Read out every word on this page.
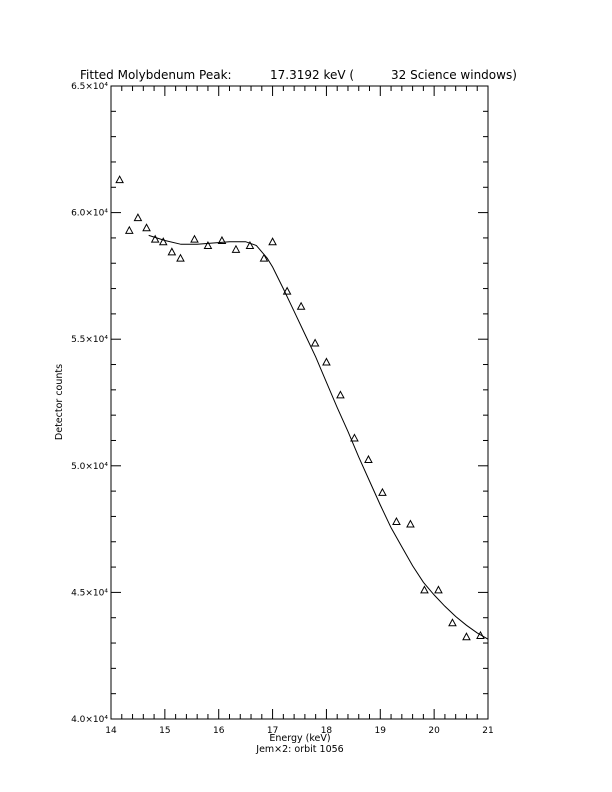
Fitted Molybdenum Peak:	17.3192 keV (	32 Science windows)
14	15	16	17	18	19	20	21
4.0×10⁴
4.5×10⁴
5.0×10⁴
5.5×10⁴
6.0×10⁴
6.5×10⁴
Energy (keV)
Detector counts
Jem×2: orbit 1056
